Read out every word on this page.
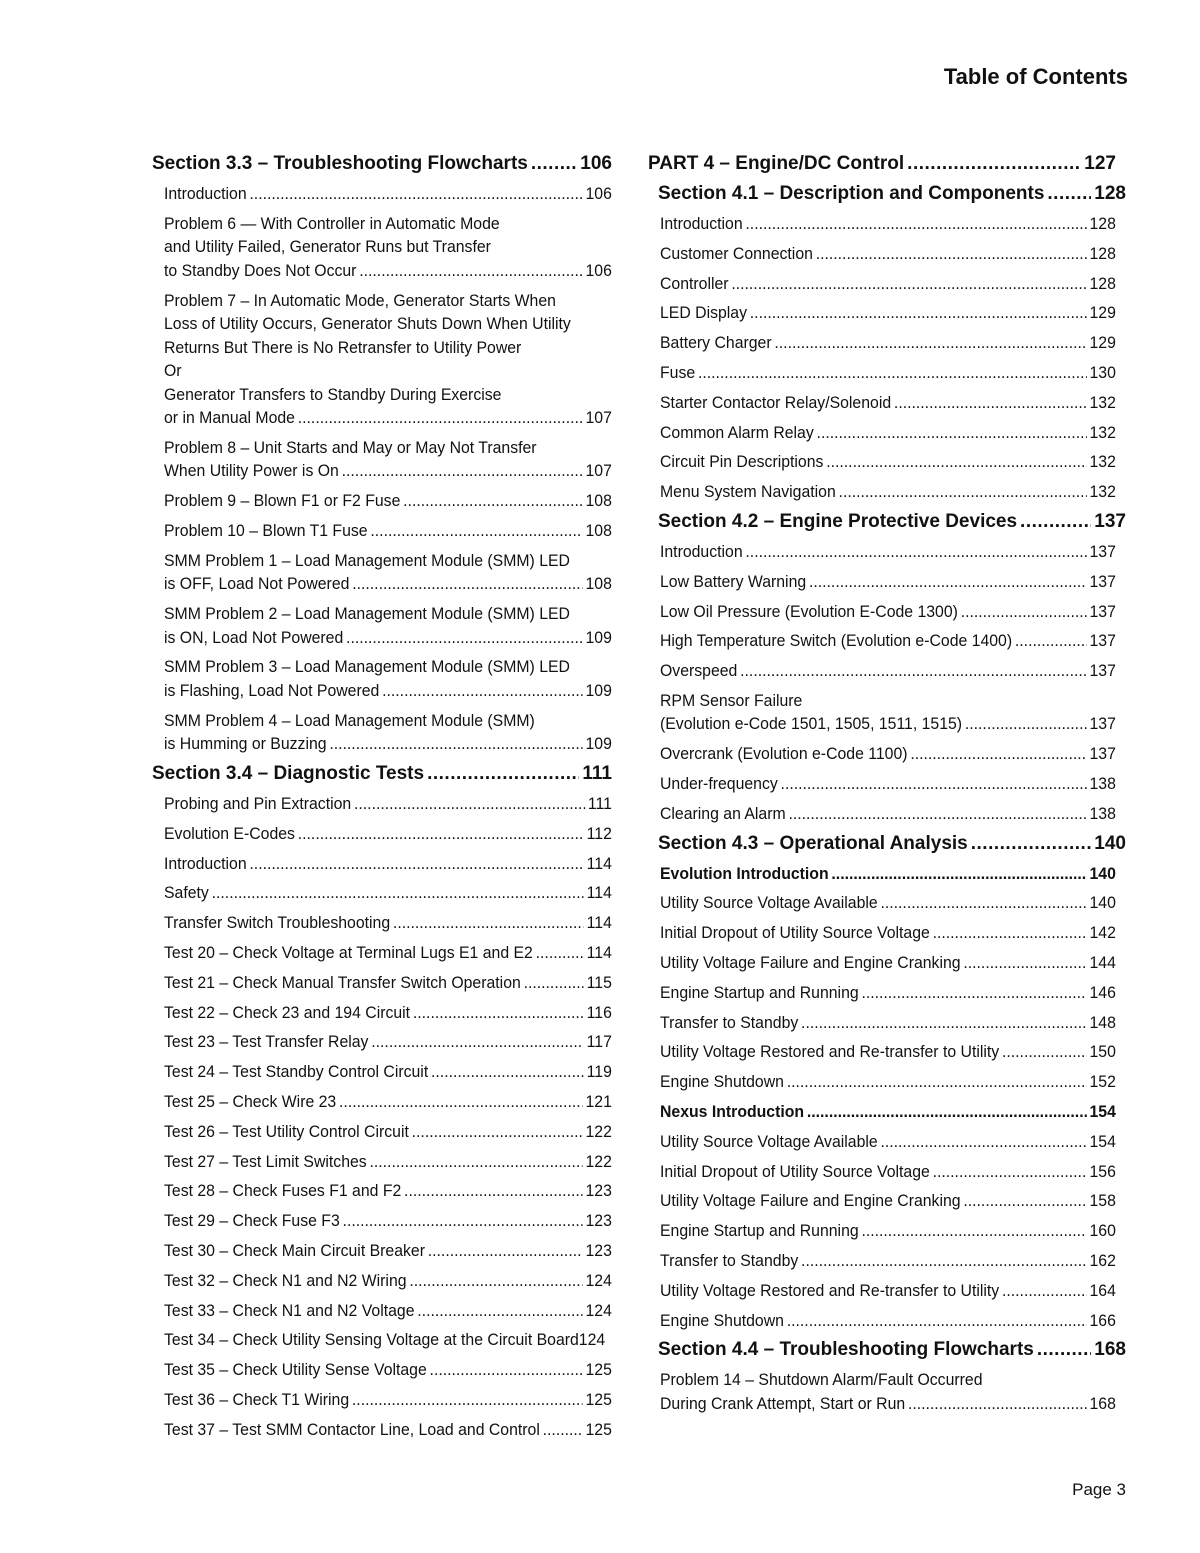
Table of Contents
Section 3.3 – Troubleshooting Flowcharts .....	106
Introduction .....	106
Problem 6 — With Controller in Automatic Mode
and Utility Failed, Generator Runs but Transfer
to Standby Does Not Occur .....	106
Problem 7 – In Automatic Mode, Generator Starts When
Loss of Utility Occurs, Generator Shuts Down When Utility
Returns But There is No Retransfer to Utility Power
Or
Generator Transfers to Standby During Exercise
or in Manual Mode .....	107
Problem 8 – Unit Starts and May or May Not Transfer
When Utility Power is On .....	107
Problem 9 – Blown F1 or F2 Fuse .....	108
Problem 10 – Blown T1 Fuse .....	108
SMM Problem 1 – Load Management Module (SMM) LED
is OFF, Load Not Powered .....	108
SMM Problem 2 – Load Management Module (SMM) LED
is ON, Load Not Powered .....	109
SMM Problem 3 – Load Management Module (SMM) LED
is Flashing, Load Not Powered .....	109
SMM Problem 4 – Load Management Module (SMM)
is Humming or Buzzing .....	109
Section 3.4 – Diagnostic Tests .....	111
Probing and Pin Extraction .....	111
Evolution E-Codes .....	112
Introduction .....	114
Safety .....	114
Transfer Switch Troubleshooting .....	114
Test 20 – Check Voltage at Terminal Lugs E1 and E2 .....	114
Test 21 – Check Manual Transfer Switch Operation .....	115
Test 22 – Check 23 and 194 Circuit .....	116
Test 23 – Test Transfer Relay .....	117
Test 24 – Test Standby Control Circuit .....	119
Test 25 – Check Wire 23 .....	121
Test 26 – Test Utility Control Circuit .....	122
Test 27 – Test Limit Switches .....	122
Test 28 – Check Fuses F1 and F2 .....	123
Test 29 – Check Fuse F3 .....	123
Test 30 – Check Main Circuit Breaker .....	123
Test 32 – Check N1 and N2 Wiring .....	124
Test 33 – Check N1 and N2 Voltage .....	124
Test 34 – Check Utility Sensing Voltage at the Circuit Board 124
Test 35 – Check Utility Sense Voltage .....	125
Test 36 – Check T1 Wiring .....	125
Test 37 – Test SMM Contactor Line, Load and Control .....	125
PART 4 – Engine/DC Control .....	127
Section 4.1 – Description and Components .....	128
Introduction .....	128
Customer Connection .....	128
Controller .....	128
LED Display .....	129
Battery Charger .....	129
Fuse .....	130
Starter Contactor Relay/Solenoid .....	132
Common Alarm Relay .....	132
Circuit Pin Descriptions .....	132
Menu System Navigation .....	132
Section 4.2 – Engine Protective Devices .....	137
Introduction .....	137
Low Battery Warning .....	137
Low Oil Pressure (Evolution E-Code 1300) .....	137
High Temperature Switch (Evolution e-Code 1400) .....	137
Overspeed .....	137
RPM Sensor Failure
(Evolution e-Code 1501, 1505, 1511, 1515) .....	137
Overcrank (Evolution e-Code 1100) .....	137
Under-frequency .....	138
Clearing an Alarm .....	138
Section 4.3 – Operational Analysis .....	140
Evolution Introduction .....	140
Utility Source Voltage Available .....	140
Initial Dropout of Utility Source Voltage .....	142
Utility Voltage Failure and Engine Cranking .....	144
Engine Startup and Running .....	146
Transfer to Standby .....	148
Utility Voltage Restored and Re-transfer to Utility .....	150
Engine Shutdown .....	152
Nexus Introduction .....	154
Utility Source Voltage Available .....	154
Initial Dropout of Utility Source Voltage .....	156
Utility Voltage Failure and Engine Cranking .....	158
Engine Startup and Running .....	160
Transfer to Standby .....	162
Utility Voltage Restored and Re-transfer to Utility .....	164
Engine Shutdown .....	166
Section 4.4 – Troubleshooting Flowcharts .....	168
Problem 14 – Shutdown Alarm/Fault Occurred
During Crank Attempt, Start or Run .....	168
Page 3
